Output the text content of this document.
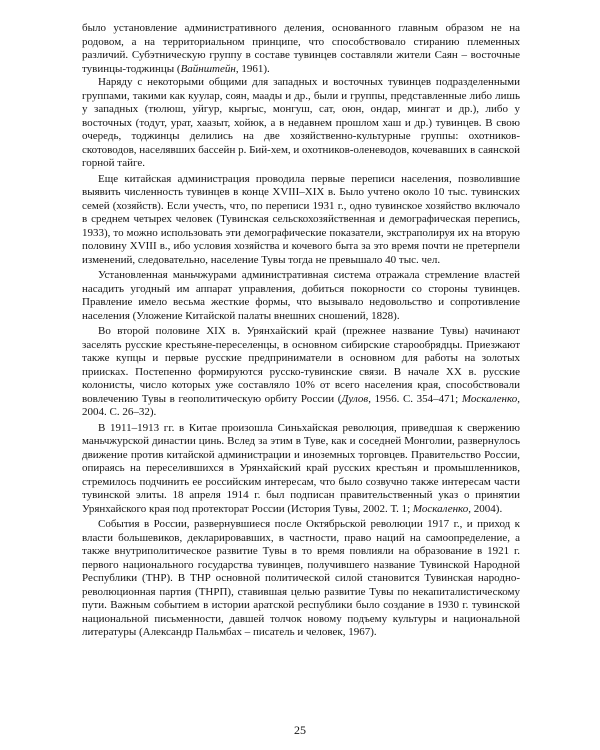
было установление административного деления, основанного главным образом не на родовом, а на территориальном принципе, что способствовало стиранию племенных различий. Субэтническую группу в составе тувинцев составляли жители Саян – восточные тувинцы-тоджинцы (Вайнштейн, 1961).

Наряду с некоторыми общими для западных и восточных тувинцев подразделенными группами, такими как куулар, соян, маады и др., были и группы, представленные либо лишь у западных (тюлюш, уйгур, кыргыс, монгуш, сат, оюн, ондар, мингат и др.), либо у восточных (тодут, урат, хаазыт, хойюк, а в недавнем прошлом хаш и др.) тувинцев. В свою очередь, тоджинцы делились на две хозяйственно-культурные группы: охотников-скотоводов, населявших бассейн р. Бий-хем, и охотников-оленеводов, кочевавших в саянской горной тайге.

Еще китайская администрация проводила первые переписи населения, позволившие выявить численность тувинцев в конце XVIII–XIX в. Было учтено около 10 тыс. тувинских семей (хозяйств). Если учесть, что, по переписи 1931 г., одно тувинское хозяйство включало в среднем четырех человек (Тувинская сельскохозяйственная и демографическая перепись, 1933), то можно использовать эти демографические показатели, экстраполируя их на вторую половину XVIII в., ибо условия хозяйства и кочевого быта за это время почти не претерпели изменений, следовательно, население Тувы тогда не превышало 40 тыс. чел.

Установленная маньчжурами административная система отражала стремление властей насадить угодный им аппарат управления, добиться покорности со стороны тувинцев. Правление имело весьма жесткие формы, что вызывало недовольство и сопротивление населения (Уложение Китайской палаты внешних сношений, 1828).

Во второй половине XIX в. Урянхайский край (прежнее название Тувы) начинают заселять русские крестьяне-переселенцы, в основном сибирские старообрядцы. Приезжают также купцы и первые русские предприниматели в основном для работы на золотых приисках. Постепенно формируются русско-тувинские связи. В начале XX в. русские колонисты, число которых уже составляло 10% от всего населения края, способствовали вовлечению Тувы в геополитическую орбиту России (Дулов, 1956. С. 354–471; Москаленко, 2004. С. 26–32).

В 1911–1913 гг. в Китае произошла Синьхайская революция, приведшая к свержению маньчжурской династии цинь. Вслед за этим в Туве, как и соседней Монголии, развернулось движение против китайской администрации и иноземных торговцев. Правительство России, опираясь на переселившихся в Урянхайский край русских крестьян и промышленников, стремилось подчинить ее российским интересам, что было созвучно также интересам части тувинской элиты. 18 апреля 1914 г. был подписан правительственный указ о принятии Урянхайского края под протекторат России (История Тувы, 2002. Т. 1; Москаленко, 2004).

События в России, развернувшиеся после Октябрьской революции 1917 г., и приход к власти большевиков, декларировавших, в частности, право наций на самоопределение, а также внутриполитическое развитие Тувы в то время повлияли на образование в 1921 г. первого национального государства тувинцев, получившего название Тувинской Народной Республики (ТНР). В ТНР основной политической силой становится Тувинская народно-революционная партия (ТНРП), ставившая целью развитие Тувы по некапиталистическому пути. Важным событием в истории аратской республики было создание в 1930 г. тувинской национальной письменности, давшей толчок новому подъему культуры и национальной литературы (Александр Пальмбах – писатель и человек, 1967).

25
